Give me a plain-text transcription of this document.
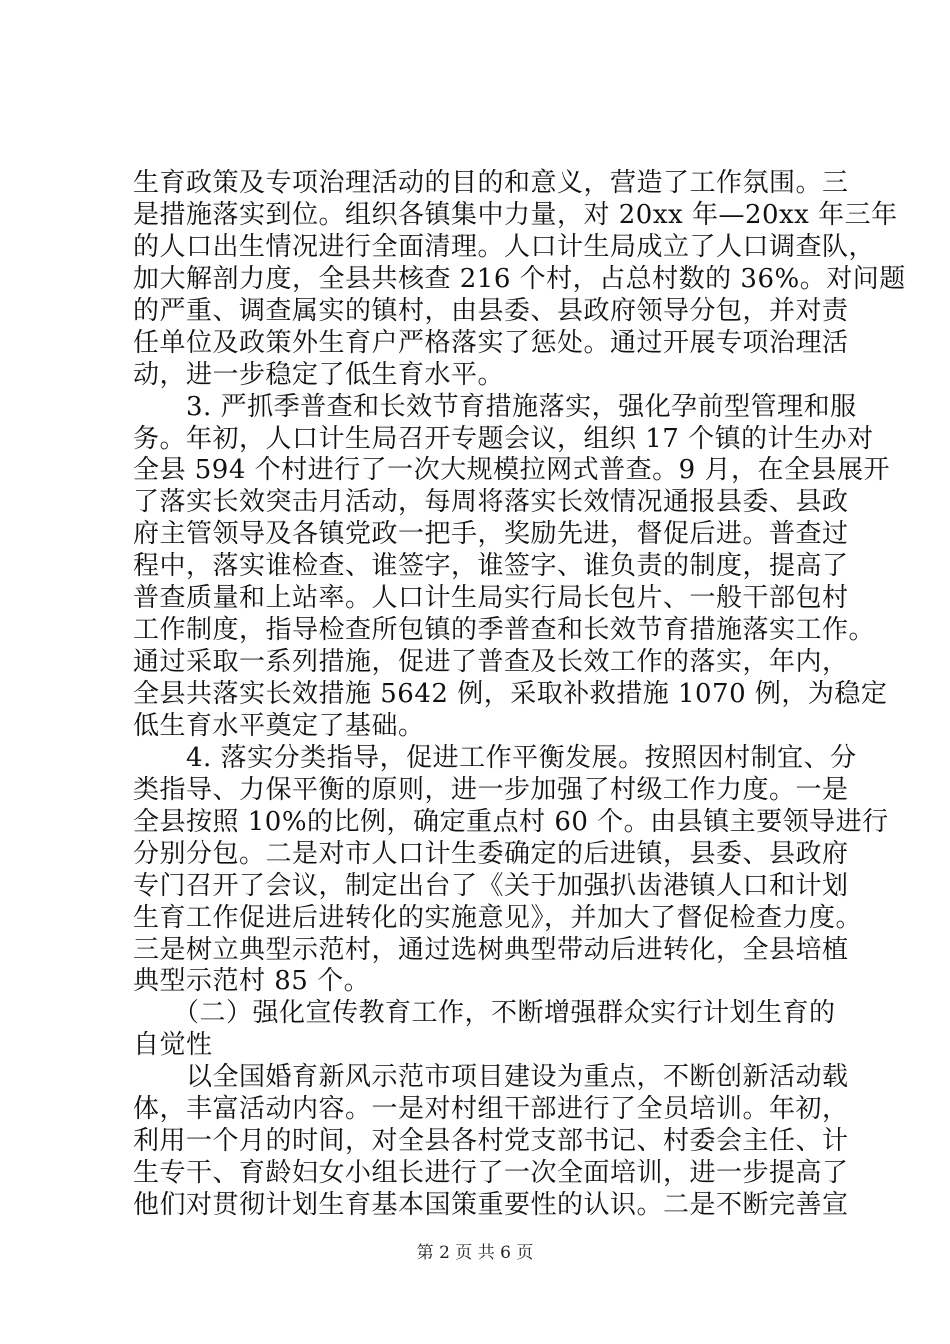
生育政策及专项治理活动的目的和意义，营造了工作氛围。三
是措施落实到位。组织各镇集中力量，对 20xx 年—20xx 年三年
的人口出生情况进行全面清理。人口计生局成立了人口调查队，
加大解剖力度，全县共核查 216 个村，占总村数的 36%。对问题
的严重、调查属实的镇村，由县委、县政府领导分包，并对责
任单位及政策外生育户严格落实了惩处。通过开展专项治理活
动，进一步稳定了低生育水平。
　　3. 严抓季普查和长效节育措施落实，强化孕前型管理和服
务。年初，人口计生局召开专题会议，组织 17 个镇的计生办对
全县 594 个村进行了一次大规模拉网式普查。9 月，在全县展开
了落实长效突击月活动，每周将落实长效情况通报县委、县政
府主管领导及各镇党政一把手，奖励先进，督促后进。普查过
程中，落实谁检查、谁签字，谁签字、谁负责的制度，提高了
普查质量和上站率。人口计生局实行局长包片、一般干部包村
工作制度，指导检查所包镇的季普查和长效节育措施落实工作。
通过采取一系列措施，促进了普查及长效工作的落实，年内，
全县共落实长效措施 5642 例，采取补救措施 1070 例，为稳定
低生育水平奠定了基础。
　　4. 落实分类指导，促进工作平衡发展。按照因村制宜、分
类指导、力保平衡的原则，进一步加强了村级工作力度。一是
全县按照 10%的比例，确定重点村 60 个。由县镇主要领导进行
分别分包。二是对市人口计生委确定的后进镇，县委、县政府
专门召开了会议，制定出台了《关于加强扒齿港镇人口和计划
生育工作促进后进转化的实施意见》，并加大了督促检查力度。
三是树立典型示范村，通过选树典型带动后进转化，全县培植
典型示范村 85 个。
　　（二）强化宣传教育工作，不断增强群众实行计划生育的
自觉性
　　以全国婚育新风示范市项目建设为重点，不断创新活动载
体，丰富活动内容。一是对村组干部进行了全员培训。年初，
利用一个月的时间，对全县各村党支部书记、村委会主任、计
生专干、育龄妇女小组长进行了一次全面培训，进一步提高了
他们对贯彻计划生育基本国策重要性的认识。二是不断完善宣
第 2 页 共 6 页
